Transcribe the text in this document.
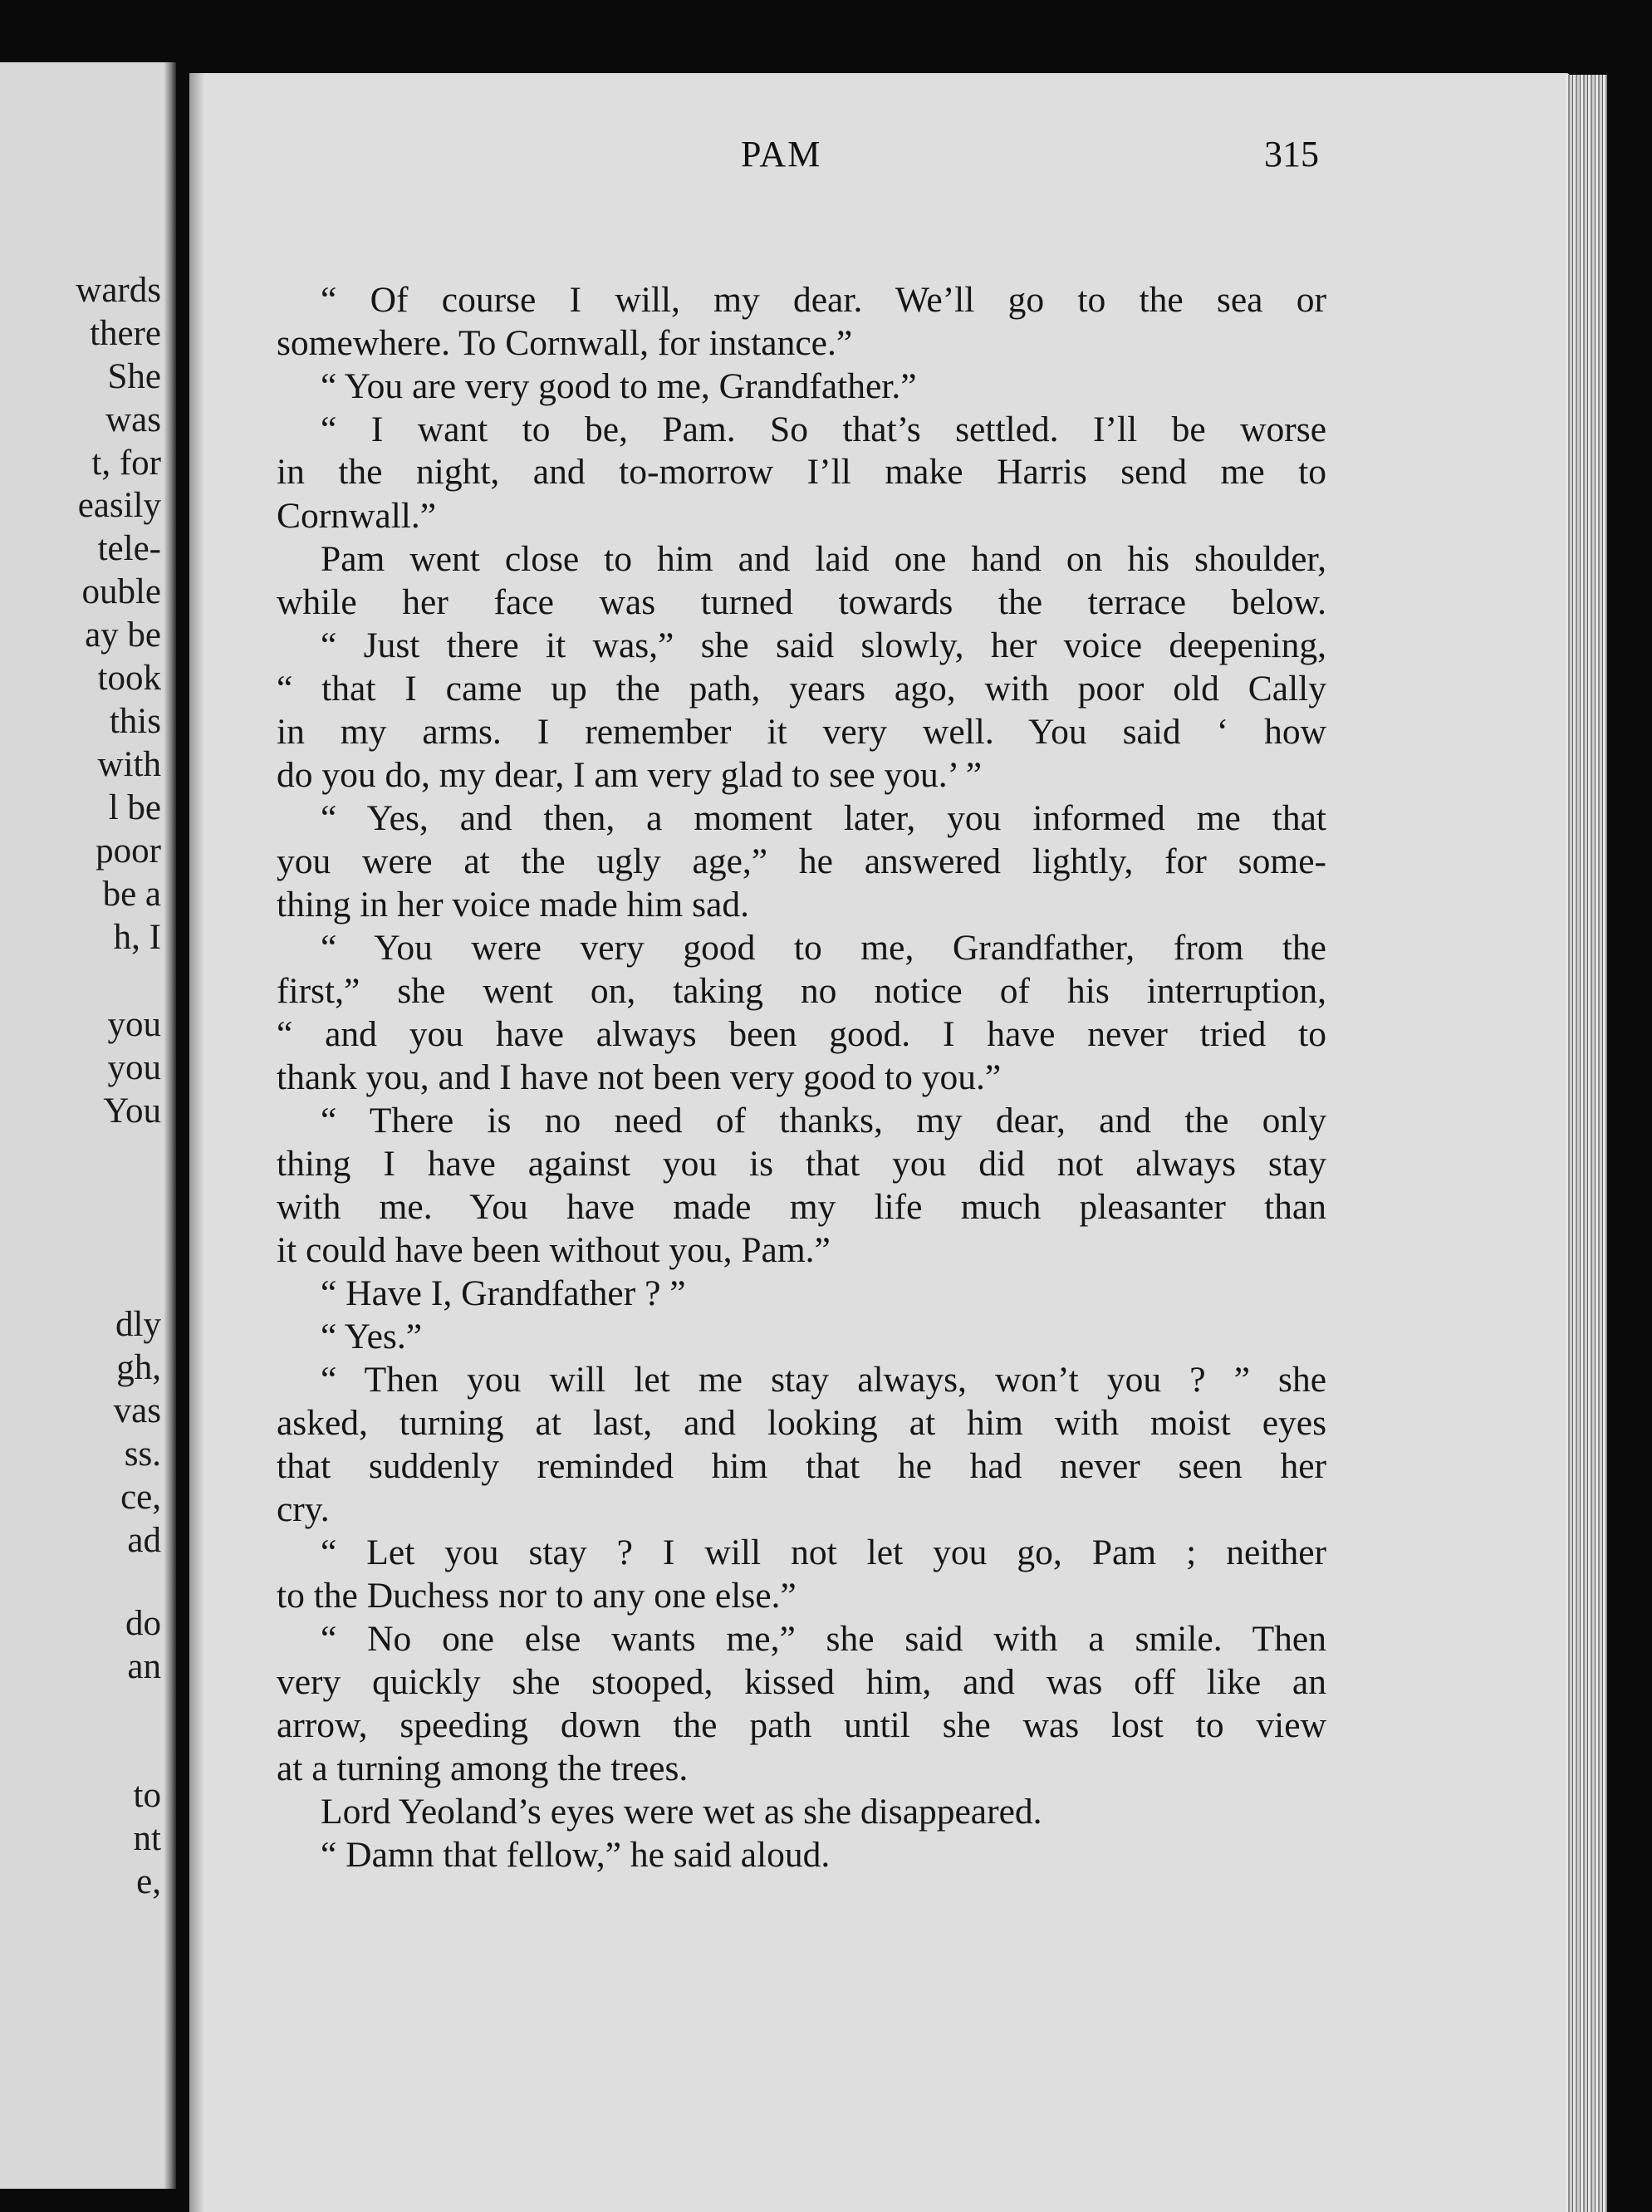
wards
there
She
was
t, for
easily
tele-
ouble
ay be
took
this
with
l be
poor
be a
h, I
you
you
You
dly
gh,
vas
ss.
ce,
ad
do
an
to
nt
e,
PAM	315
“ Of course I will, my dear. We’ll go to the sea or
somewhere. To Cornwall, for instance.”
“ You are very good to me, Grandfather.”
“ I want to be, Pam. So that’s settled. I’ll be worse
in the night, and to-morrow I’ll make Harris send me to
Cornwall.”
Pam went close to him and laid one hand on his shoulder,
while her face was turned towards the terrace below.
“ Just there it was,” she said slowly, her voice deepening,
“ that I came up the path, years ago, with poor old Cally
in my arms. I remember it very well. You said ‘ how
do you do, my dear, I am very glad to see you.’ ”
“ Yes, and then, a moment later, you informed me that
you were at the ugly age,” he answered lightly, for some-
thing in her voice made him sad.
“ You were very good to me, Grandfather, from the
first,” she went on, taking no notice of his interruption,
“ and you have always been good. I have never tried to
thank you, and I have not been very good to you.”
“ There is no need of thanks, my dear, and the only
thing I have against you is that you did not always stay
with me. You have made my life much pleasanter than
it could have been without you, Pam.”
“ Have I, Grandfather ? ”
“ Yes.”
“ Then you will let me stay always, won’t you ? ” she
asked, turning at last, and looking at him with moist eyes
that suddenly reminded him that he had never seen her
cry.
“ Let you stay ? I will not let you go, Pam ; neither
to the Duchess nor to any one else.”
“ No one else wants me,” she said with a smile. Then
very quickly she stooped, kissed him, and was off like an
arrow, speeding down the path until she was lost to view
at a turning among the trees.
Lord Yeoland’s eyes were wet as she disappeared.
“ Damn that fellow,” he said aloud.
